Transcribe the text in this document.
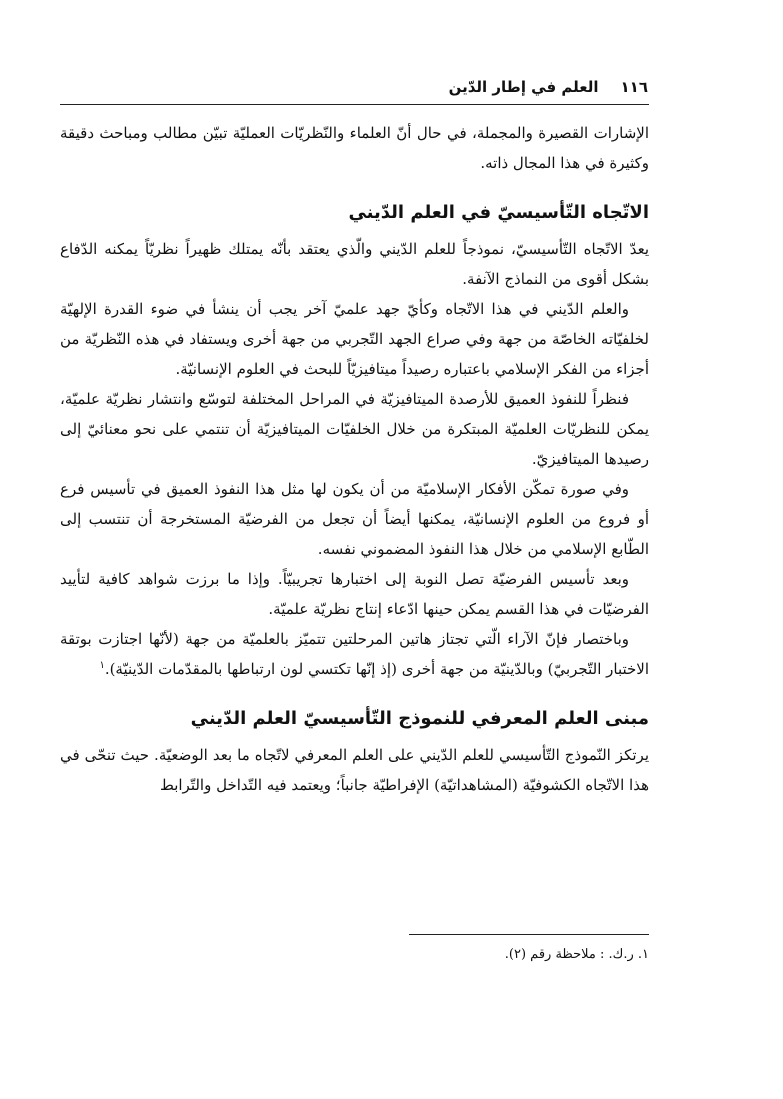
١١٦
العلم في إطار الدّين

الإشارات القصيرة والمجملة، في حال أنّ العلماء والنّظريّات العمليّة تبيّن مطالب ومباحث دقيقة وكثيرة في هذا المجال ذاته.

الاتّجاه التّأسيسيّ في العلم الدّيني

يعدّ الاتّجاه التّأسيسيّ، نموذجاً للعلم الدّيني والّذي يعتقد بأنّه يمتلك ظهيراً نظريّاً يمكنه الدّفاع بشكل أقوى من النماذج الآنفة.

والعلم الدّيني في هذا الاتّجاه وكأيّ جهد علميّ آخر يجب أن ينشأ في ضوء القدرة الإلهيّة لخلفيّاته الخاصّة من جهة وفي صراع الجهد التّجربي من جهة أخرى ويستفاد في هذه النّظريّة من أجزاء من الفكر الإسلامي باعتباره رصيداً ميتافيزيّاً للبحث في العلوم الإنسانيّة.

فنظراً للنفوذ العميق للأرصدة الميتافيزيّة في المراحل المختلفة لتوسّع وانتشار نظريّة علميّة، يمكن للنظريّات العلميّة المبتكرة من خلال الخلفيّات الميتافيزيّة أن تنتمي على نحو معنائيّ إلى رصيدها الميتافيزيّ.

وفي صورة تمكّن الأفكار الإسلاميّة من أن يكون لها مثل هذا النفوذ العميق في تأسيس فرع أو فروع من العلوم الإنسانيّة، يمكنها أيضاً أن تجعل من الفرضيّة المستخرجة أن تنتسب إلى الطّابع الإسلامي من خلال هذا النفوذ المضموني نفسه.

وبعد تأسيس الفرضيّة تصل النوبة إلى اختبارها تجريبيّاً. وإذا ما برزت شواهد كافية لتأييد الفرضيّات في هذا القسم يمكن حينها ادّعاء إنتاج نظريّة علميّة.

وباختصار فإنّ الآراء الّتي تجتاز هاتين المرحلتين تتميّز بالعلميّة من جهة (لأنّها اجتازت بوتقة الاختبار التّجربيّ) وبالدّينيّة من جهة أخرى (إذ إنّها تكتسي لون ارتباطها بالمقدّمات الدّينيّة).$^١$

مبنى العلم المعرفي للنموذج التّأسيسيّ العلم الدّيني

يرتكز النّموذج التّأسيسي للعلم الدّيني على العلم المعرفي لاتّجاه ما بعد الوضعيّة. حيث تنحّى في هذا الاتّجاه الكشوفيّة (المشاهداتيّة) الإفراطيّة جانباً؛ ويعتمد فيه التّداخل والتّرابط

١. ر.ك. : ملاحظة رقم (٢).
